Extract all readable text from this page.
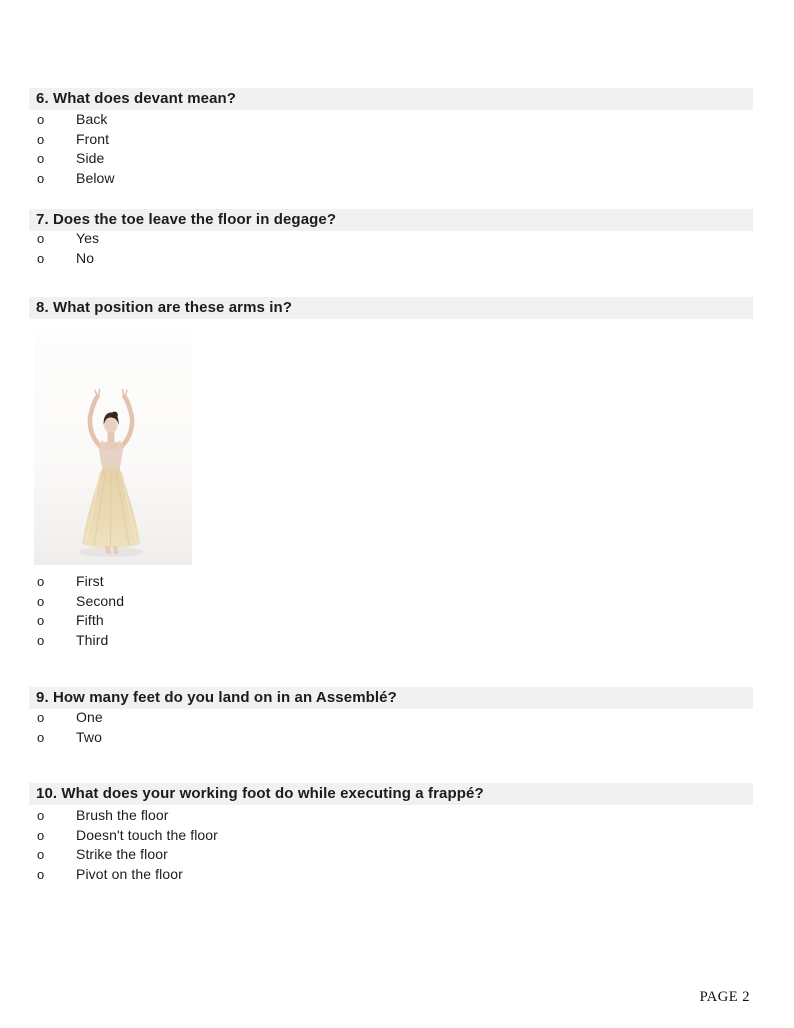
6. What does devant mean?
o	Back
o	Front
o	Side
o	Below
7. Does the toe leave the floor in degage?
o	Yes
o	No
8. What position are these arms in?
o	First
o	Second
o	Fifth
o	Third
9. How many feet do you land on in an Assemblé?
o	One
o	Two
10. What does your working foot do while executing a frappé?
o	Brush the floor
o	Doesn't touch the floor
o	Strike the floor
o	Pivot on the floor
PAGE 2
